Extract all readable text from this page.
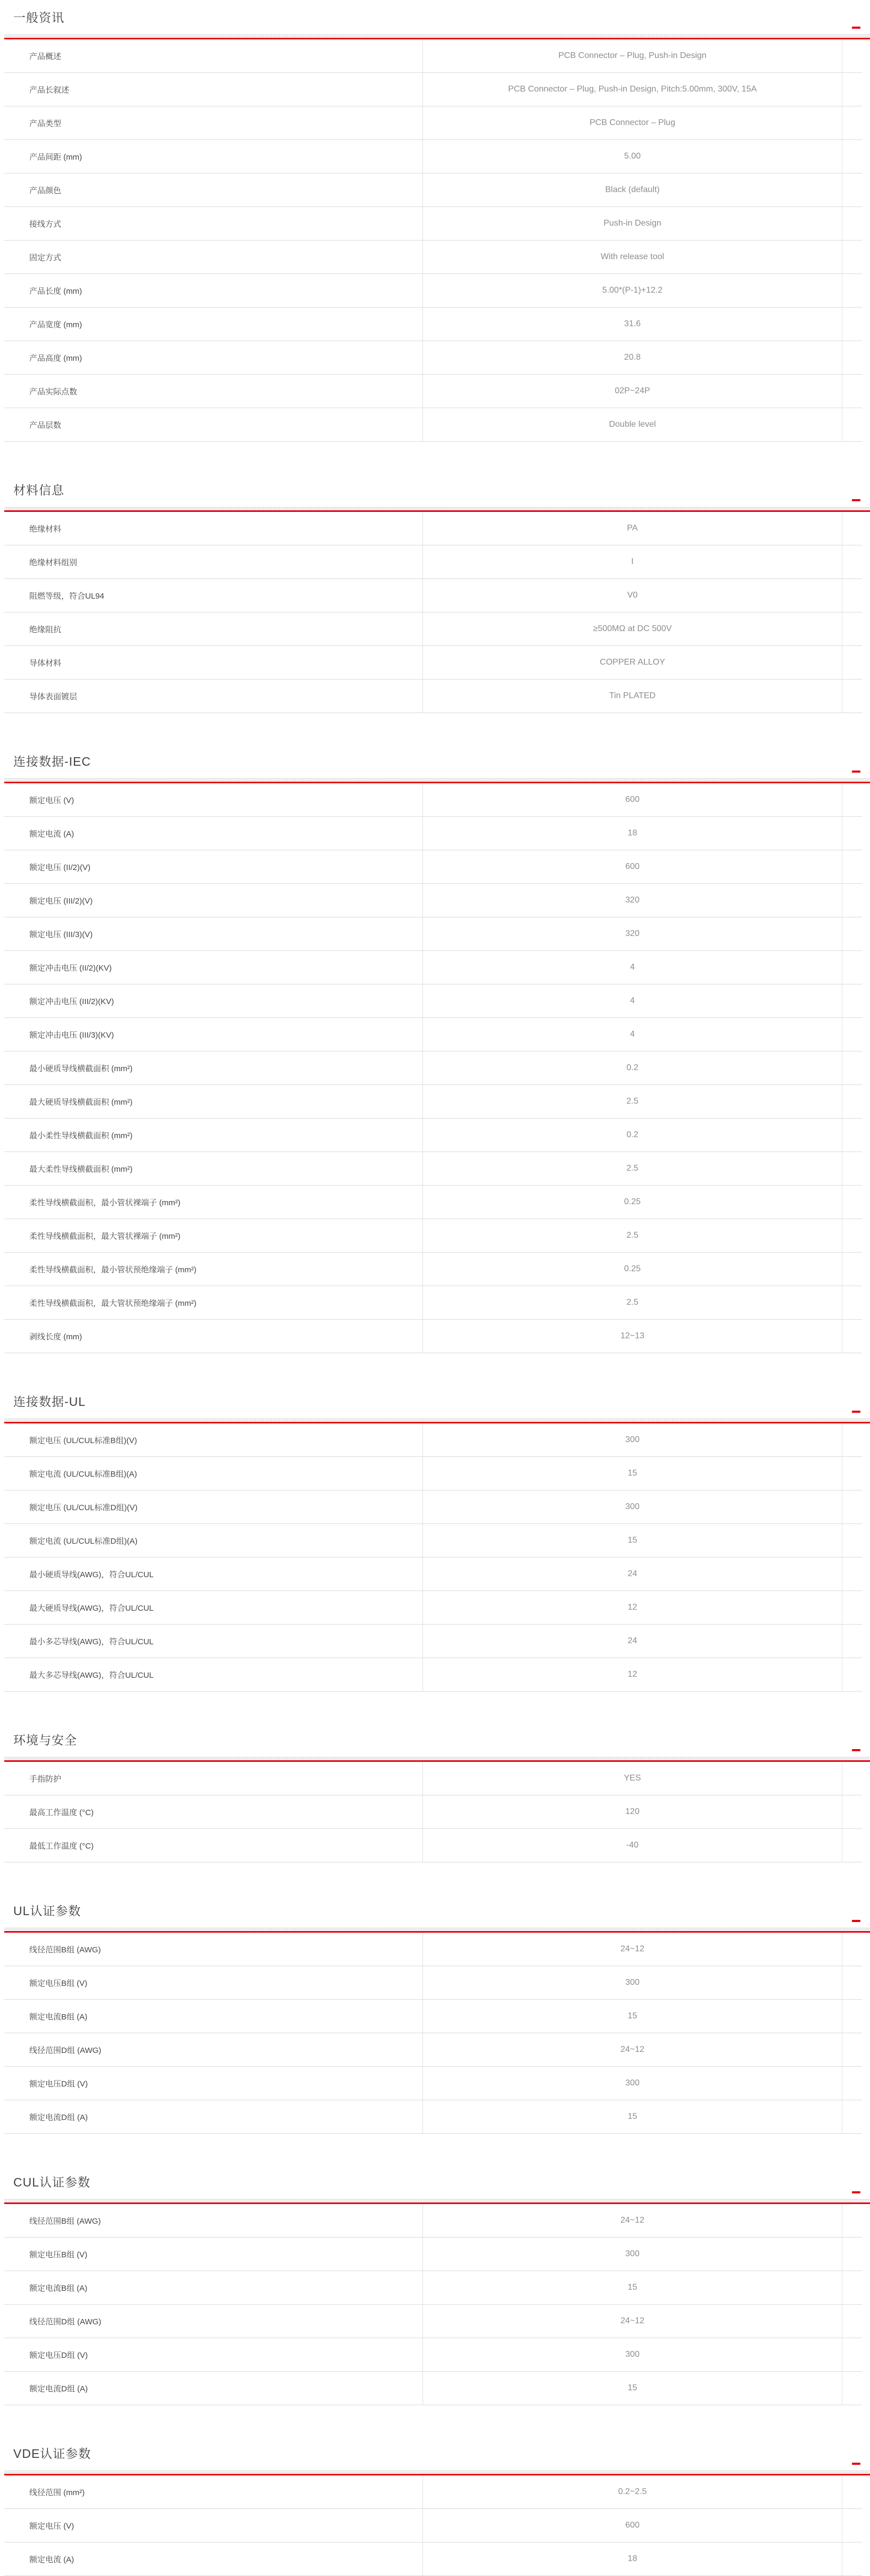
一般资讯
产品概述	PCB Connector – Plug, Push-in Design
产品长叙述	PCB Connector – Plug, Push-in Design, Pitch:5.00mm, 300V, 15A
产品类型	PCB Connector – Plug
产品间距 (mm)	5.00
产品颜色	Black (default)
接线方式	Push-in Design
固定方式	With release tool
产品长度 (mm)	5.00*(P-1)+12.2
产品宽度 (mm)	31.6
产品高度 (mm)	20.8
产品实际点数	02P~24P
产品层数	Double level
材料信息
绝缘材料	PA
绝缘材料组别	I
阻燃等级，符合UL94	V0
绝缘阻抗	≥500MΩ at DC 500V
导体材料	COPPER ALLOY
导体表面镀层	Tin PLATED
连接数据-IEC
额定电压 (V)	600
额定电流 (A)	18
额定电压 (II/2)(V)	600
额定电压 (III/2)(V)	320
额定电压 (III/3)(V)	320
额定冲击电压 (II/2)(KV)	4
额定冲击电压 (III/2)(KV)	4
额定冲击电压 (III/3)(KV)	4
最小硬质导线横截面积 (mm²)	0.2
最大硬质导线横截面积 (mm²)	2.5
最小柔性导线横截面积 (mm²)	0.2
最大柔性导线横截面积 (mm²)	2.5
柔性导线横截面积，最小管状裸端子 (mm²)	0.25
柔性导线横截面积，最大管状裸端子 (mm²)	2.5
柔性导线横截面积，最小管状预绝缘端子 (mm²)	0.25
柔性导线横截面积，最大管状预绝缘端子 (mm²)	2.5
剥线长度 (mm)	12~13
连接数据-UL
额定电压 (UL/CUL标准B组)(V)	300
额定电流 (UL/CUL标准B组)(A)	15
额定电压 (UL/CUL标准D组)(V)	300
额定电流 (UL/CUL标准D组)(A)	15
最小硬质导线(AWG)，符合UL/CUL	24
最大硬质导线(AWG)，符合UL/CUL	12
最小多芯导线(AWG)，符合UL/CUL	24
最大多芯导线(AWG)，符合UL/CUL	12
环境与安全
手指防护	YES
最高工作温度 (°C)	120
最低工作温度 (°C)	-40
UL认证参数
线径范围B组 (AWG)	24~12
额定电压B组 (V)	300
额定电流B组 (A)	15
线径范围D组 (AWG)	24~12
额定电压D组 (V)	300
额定电流D组 (A)	15
CUL认证参数
线径范围B组 (AWG)	24~12
额定电压B组 (V)	300
额定电流B组 (A)	15
线径范围D组 (AWG)	24~12
额定电压D组 (V)	300
额定电流D组 (A)	15
VDE认证参数
线径范围 (mm²)	0.2~2.5
额定电压 (V)	600
额定电流 (A)	18
